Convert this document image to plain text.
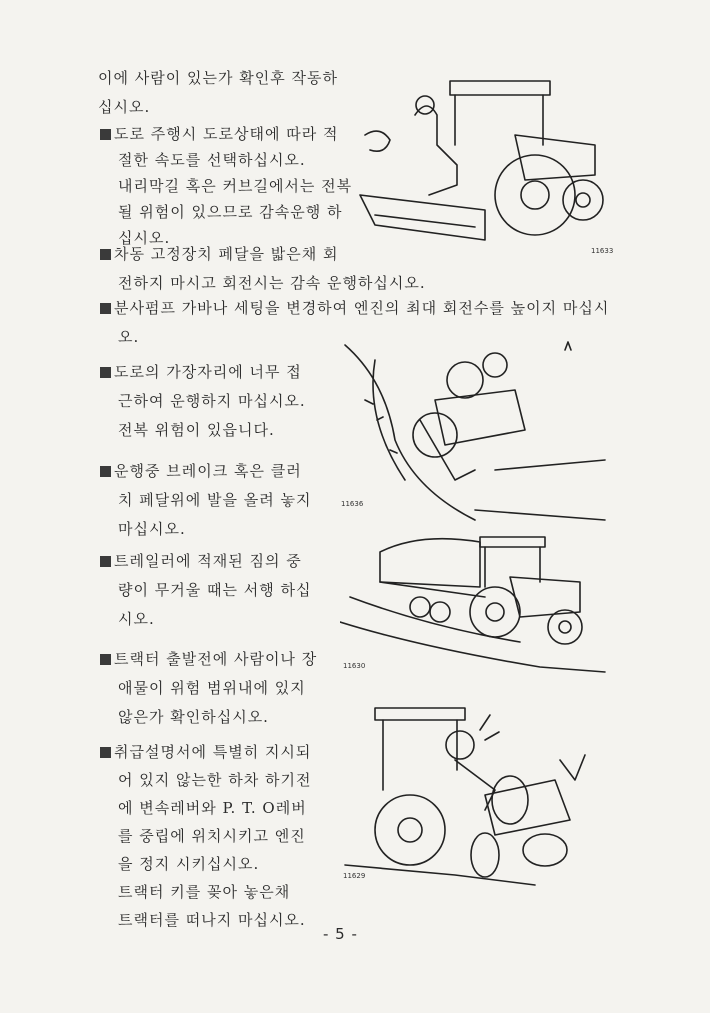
이에 사람이 있는가 확인후 작동하
십시오.
도로 주행시 도로상태에 따라 적
절한 속도를 선택하십시오.
내리막길 혹은 커브길에서는 전복
될 위험이 있으므로 감속운행 하
십시오.
차동 고정장치 페달을 밟은채 회
전하지 마시고 회전시는 감속 운행하십시오.
분사펌프 가바나 세팅을 변경하여 엔진의 최대 회전수를 높이지 마십시
오.
도로의 가장자리에 너무 접
근하여 운행하지 마십시오.
전복 위험이 있읍니다.
운행중 브레이크 혹은 클러
치 페달위에 발을 올려 놓지
마십시오.
트레일러에 적재된 짐의 중
량이 무거울 때는 서행 하십
시오.
트랙터 출발전에 사람이나 장
애물이 위험 범위내에 있지
않은가 확인하십시오.
취급설명서에 특별히 지시되
어 있지 않는한 하차 하기전
에 변속레버와 P. T. O레버
를 중립에 위치시키고 엔진
을 정지 시키십시오.
트랙터 키를 꽂아 놓은채
트랙터를 떠나지 마십시오.
11633
11636
11630
11629
- 5 -
